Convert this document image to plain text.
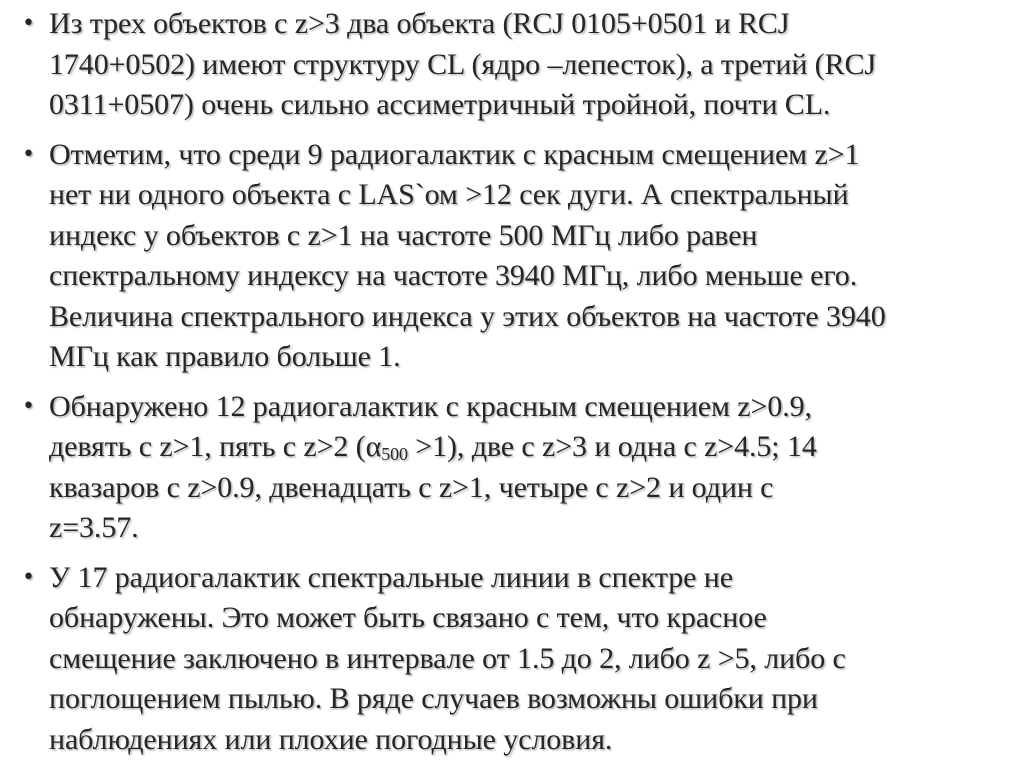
• Из трех объектов с z>3 два объекта (RCJ 0105+0501 и RCJ
1740+0502) имеют структуру CL (ядро –лепесток), а третий (RCJ
0311+0507) очень сильно ассиметричный тройной, почти CL.
• Отметим, что среди 9 радиогалактик с красным смещением z>1
нет ни одного объекта с LAS`ом >12 сек дуги. А спектральный
индекс у объектов с z>1 на частоте 500 МГц либо равен
спектральному индексу на частоте 3940 МГц, либо меньше его.
Величина спектрального индекса у этих объектов на частоте 3940
МГц как правило больше 1.
• Обнаружено 12 радиогалактик с красным смещением z>0.9,
девять с z>1, пять с z>2 $(\alpha_{500} >1)$, две с z>3 и одна с z>4.5; 14
квазаров с z>0.9, двенадцать с z>1, четыре с z>2 и один с
z=3.57.
• У 17 радиогалактик спектральные линии в спектре не
обнаружены. Это может быть связано с тем, что красное
смещение заключено в интервале от 1.5 до 2, либо z >5, либо с
поглощением пылью. В ряде случаев возможны ошибки при
наблюдениях или плохие погодные условия.
